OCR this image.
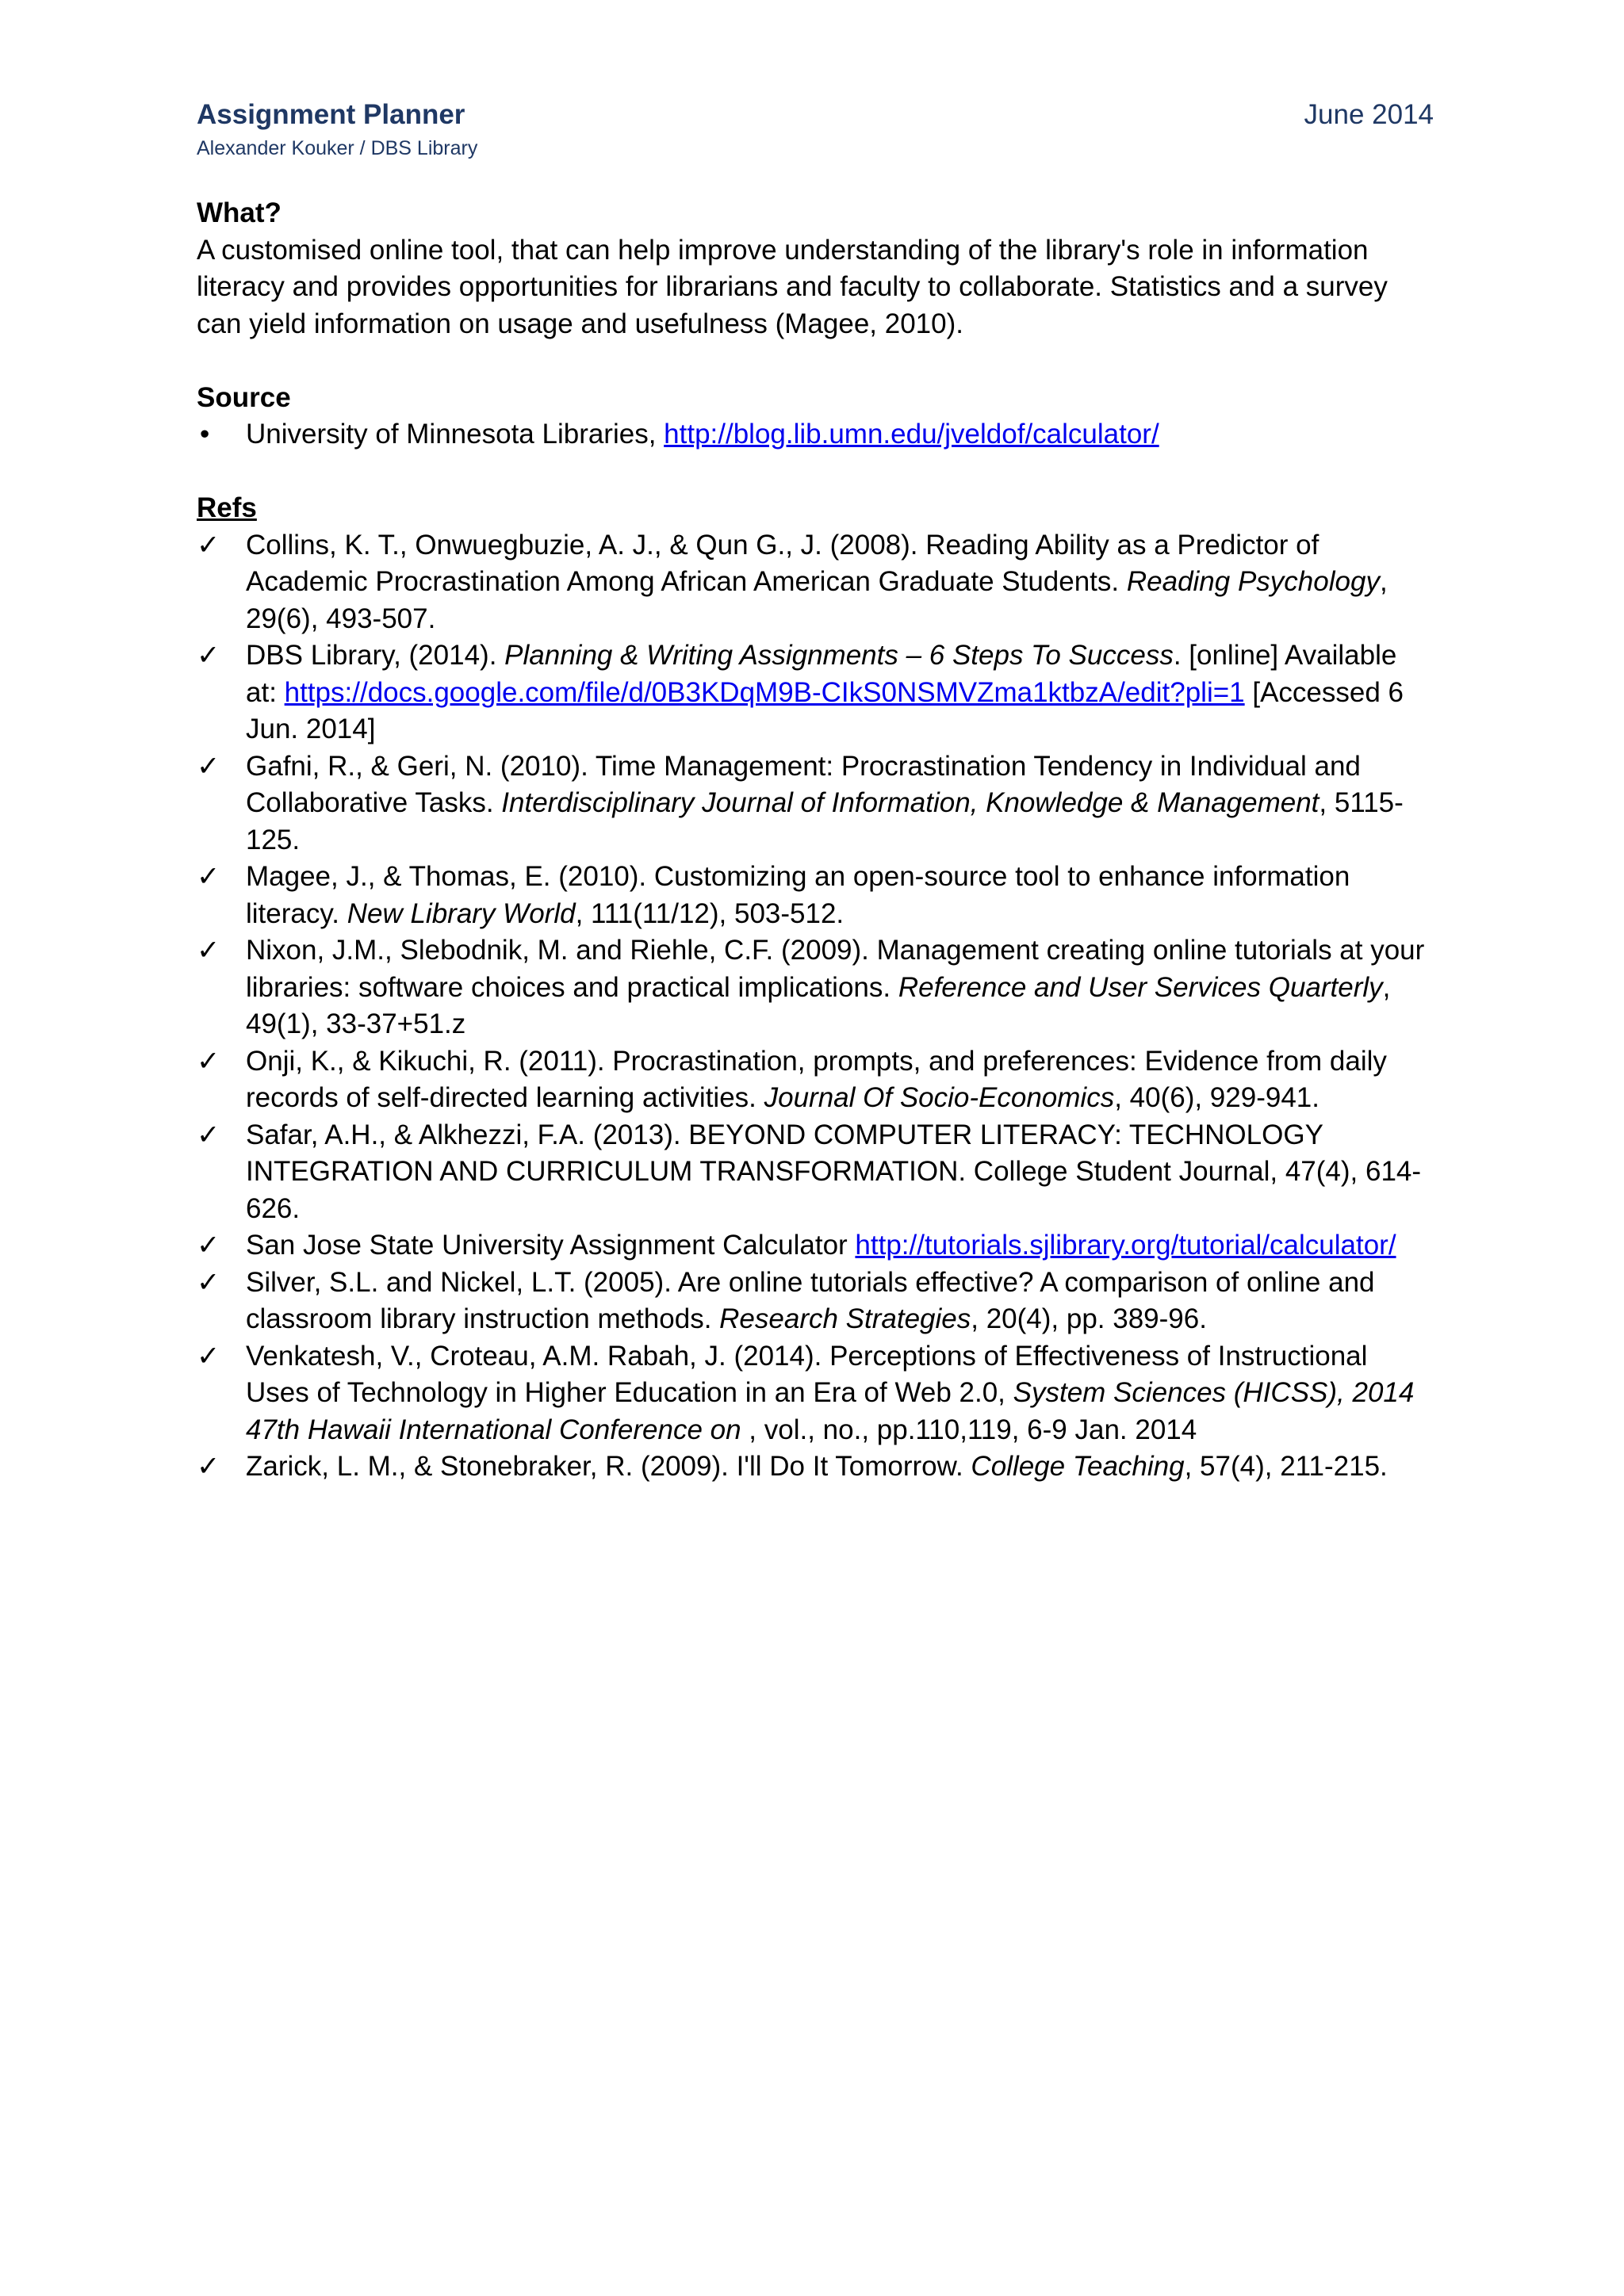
Assignment Planner
Alexander Kouker / DBS Library
June 2014

What?

A customised online tool, that can help improve understanding of the library's role in information literacy and provides opportunities for librarians and faculty to collaborate. Statistics and a survey can yield information on usage and usefulness (Magee, 2010).

Source

•	University of Minnesota Libraries, http://blog.lib.umn.edu/jveldof/calculator/

Refs

✓ Collins, K. T., Onwuegbuzie, A. J., & Qun G., J. (2008). Reading Ability as a Predictor of Academic Procrastination Among African American Graduate Students. Reading Psychology, 29(6), 493-507.
✓ DBS Library, (2014). Planning & Writing Assignments – 6 Steps To Success. [online] Available at: https://docs.google.com/file/d/0B3KDqM9B-CIkS0NSMVZma1ktbzA/edit?pli=1 [Accessed 6 Jun. 2014]
✓ Gafni, R., & Geri, N. (2010). Time Management: Procrastination Tendency in Individual and Collaborative Tasks. Interdisciplinary Journal of Information, Knowledge & Management, 5115-125.
✓ Magee, J., & Thomas, E. (2010). Customizing an open-source tool to enhance information literacy. New Library World, 111(11/12), 503-512.
✓ Nixon, J.M., Slebodnik, M. and Riehle, C.F. (2009). Management creating online tutorials at your libraries: software choices and practical implications. Reference and User Services Quarterly, 49(1), 33-37+51.z
✓ Onji, K., & Kikuchi, R. (2011). Procrastination, prompts, and preferences: Evidence from daily records of self-directed learning activities. Journal Of Socio-Economics, 40(6), 929-941.
✓ Safar, A.H., & Alkhezzi, F.A. (2013). BEYOND COMPUTER LITERACY: TECHNOLOGY INTEGRATION AND CURRICULUM TRANSFORMATION. College Student Journal, 47(4), 614-626.
✓ San Jose State University Assignment Calculator http://tutorials.sjlibrary.org/tutorial/calculator/
✓ Silver, S.L. and Nickel, L.T. (2005). Are online tutorials effective? A comparison of online and classroom library instruction methods. Research Strategies, 20(4), pp. 389-96.
✓ Venkatesh, V., Croteau, A.M. Rabah, J. (2014). Perceptions of Effectiveness of Instructional Uses of Technology in Higher Education in an Era of Web 2.0, System Sciences (HICSS), 2014 47th Hawaii International Conference on , vol., no., pp.110,119, 6-9 Jan. 2014
✓ Zarick, L. M., & Stonebraker, R. (2009). I'll Do It Tomorrow. College Teaching, 57(4), 211-215.
